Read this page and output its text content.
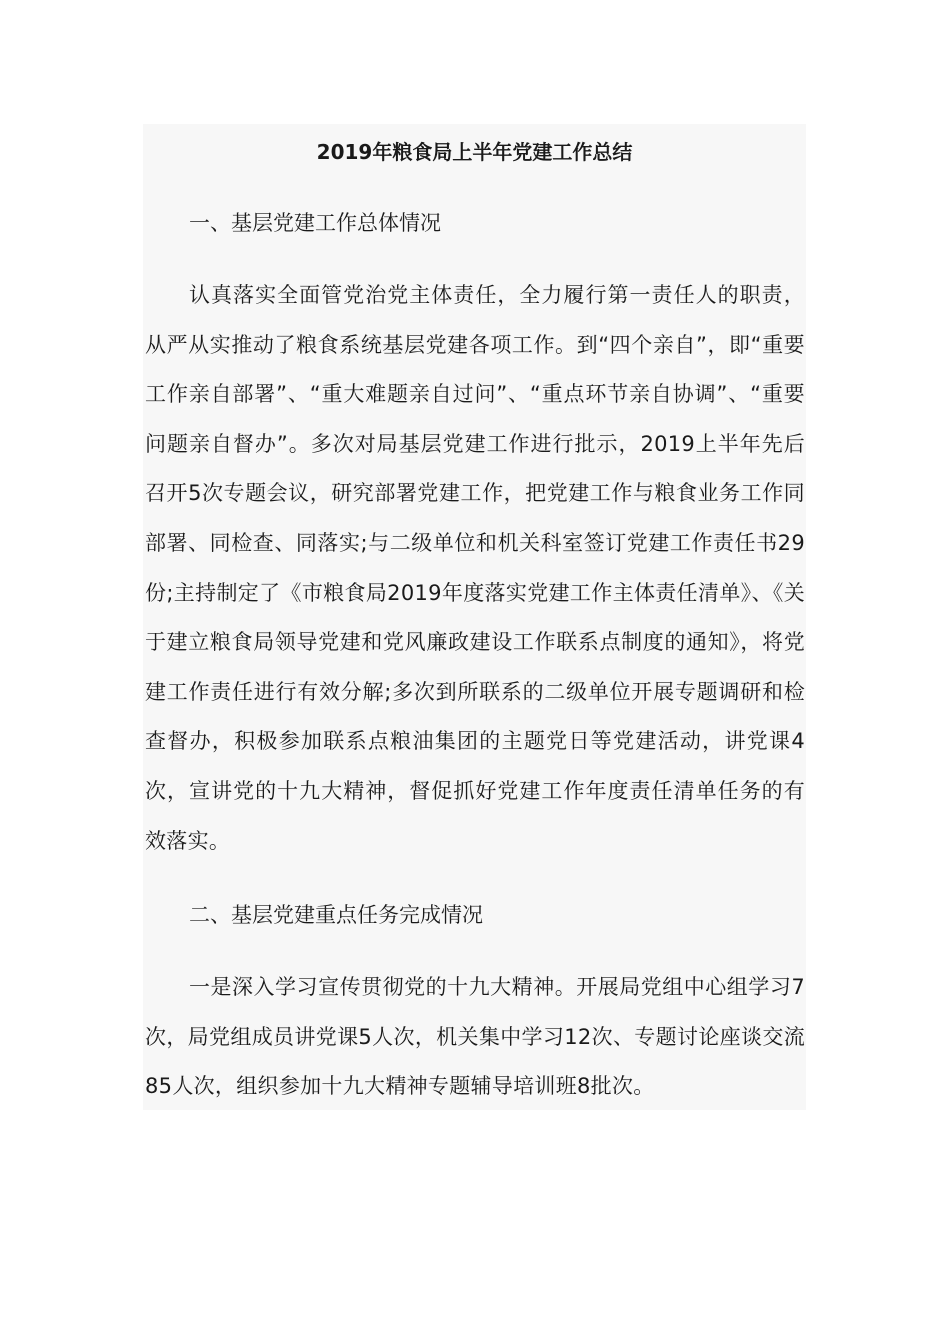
2019年粮食局上半年党建工作总结
一、基层党建工作总体情况

认真落实全面管党治党主体责任，全力履行第一责任人的职责，从严从实推动了粮食系统基层党建各项工作。到“四个亲自”，即“重要工作亲自部署”、“重大难题亲自过问”、“重点环节亲自协调”、“重要问题亲自督办”。多次对局基层党建工作进行批示，2019上半年先后召开5次专题会议，研究部署党建工作，把党建工作与粮食业务工作同部署、同检查、同落实;与二级单位和机关科室签订党建工作责任书29份;主持制定了《市粮食局2019年度落实党建工作主体责任清单》、《关于建立粮食局领导党建和党风廉政建设工作联系点制度的通知》，将党建工作责任进行有效分解;多次到所联系的二级单位开展专题调研和检查督办，积极参加联系点粮油集团的主题党日等党建活动，讲党课4次，宣讲党的十九大精神，督促抓好党建工作年度责任清单任务的有效落实。

二、基层党建重点任务完成情况

一是深入学习宣传贯彻党的十九大精神。开展局党组中心组学习7次，局党组成员讲党课5人次，机关集中学习12次、专题讨论座谈交流85人次，组织参加十九大精神专题辅导培训班8批次。
